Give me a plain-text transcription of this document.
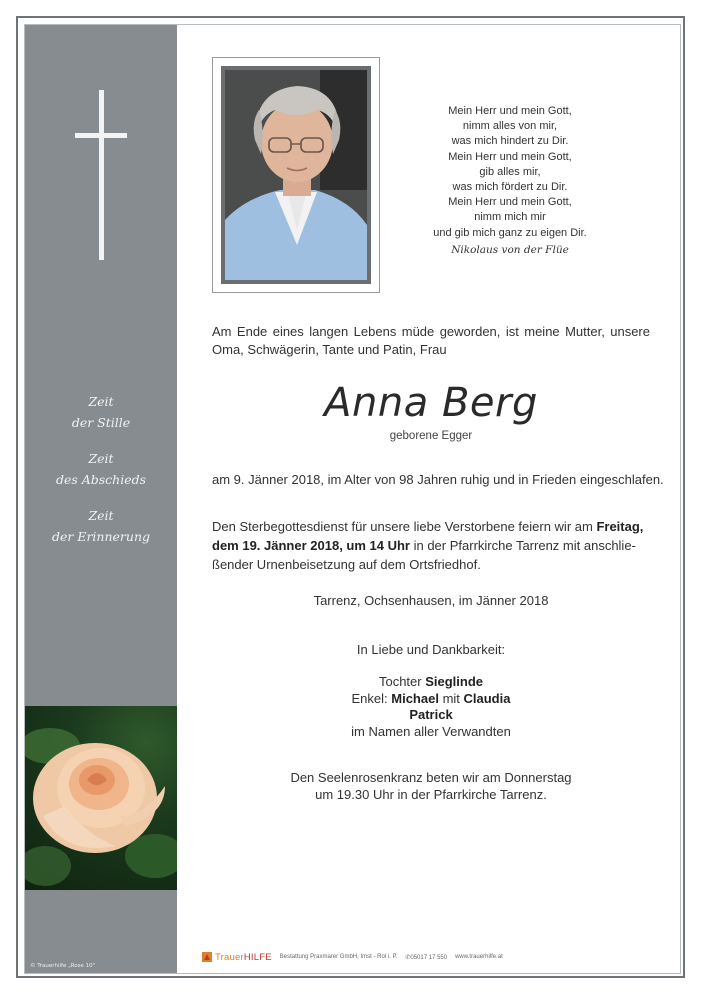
Zeit
der Stille
Zeit
des Abschieds
Zeit
der Erinnerung
© Trauerhilfe „Rose 10"
Mein Herr und mein Gott,
nimm alles von mir,
was mich hindert zu Dir.
Mein Herr und mein Gott,
gib alles mir,
was mich fördert zu Dir.
Mein Herr und mein Gott,
nimm mich mir
und gib mich ganz zu eigen Dir.
Nikolaus von der Flüe
Am Ende eines langen Lebens müde geworden, ist meine Mutter, unsere Oma, Schwägerin, Tante und Patin, Frau
Anna Berg
geborene Egger
am 9. Jänner 2018, im Alter von 98 Jahren ruhig und in Frieden eingeschlafen.
Den Sterbegottesdienst für unsere liebe Verstorbene feiern wir am Freitag,
dem 19. Jänner 2018, um 14 Uhr in der Pfarrkirche Tarrenz mit anschlie-
ßender Urnenbeisetzung auf dem Ortsfriedhof.
Tarrenz, Ochsenhausen, im Jänner 2018
In Liebe und Dankbarkeit:
Tochter Sieglinde
Enkel: Michael mit Claudia
Patrick
im Namen aller Verwandten
Den Seelenrosenkranz beten wir am Donnerstag
um 19.30 Uhr in der Pfarrkirche Tarrenz.
TrauerHILFE Bestattung Praxmarer GmbH, Imst - Rol i. P. ✆05017 17 550 www.trauerhilfe.at
